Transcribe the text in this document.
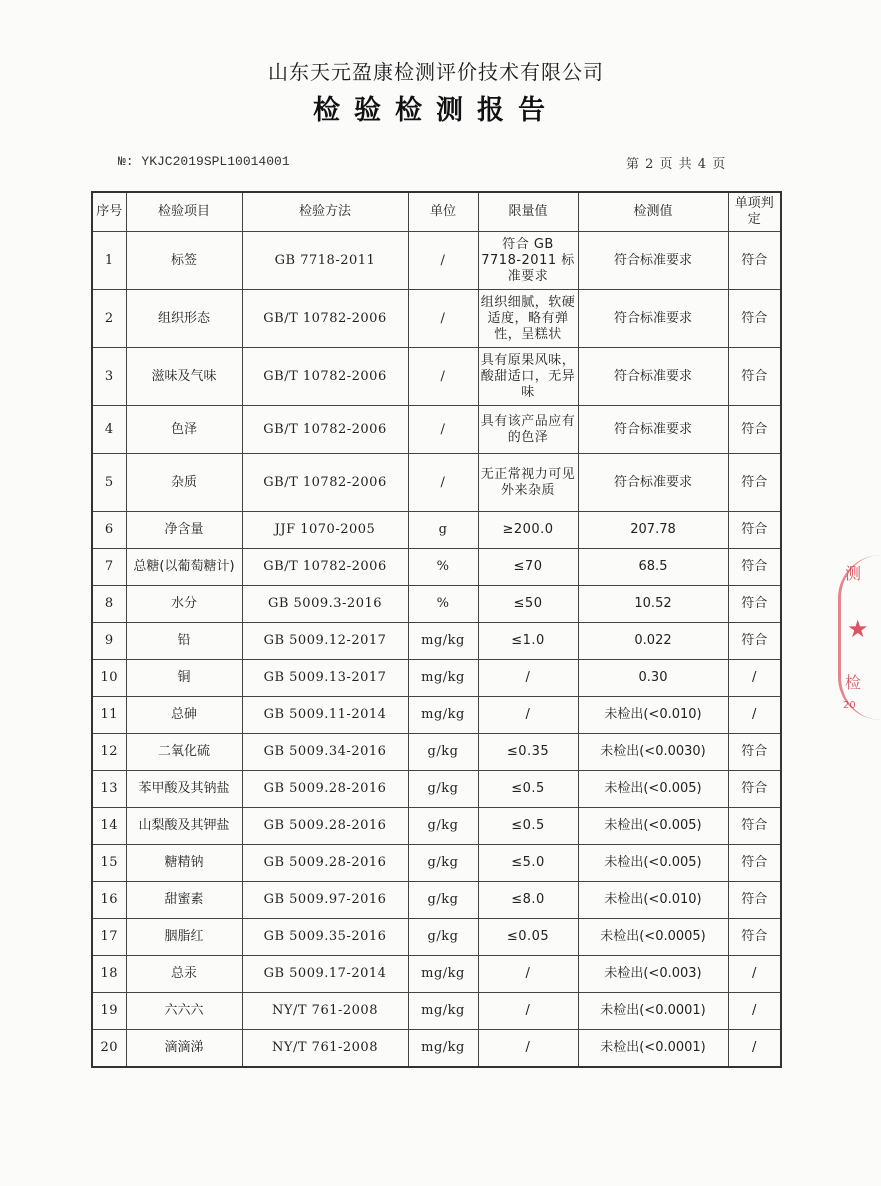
山东天元盈康检测评价技术有限公司
检验检测报告
№: YKJC2019SPL10014001	第 2 页 共 4 页
序号	检验项目	检验方法	单位	限量值	检测值	单项判定
1	标签	GB 7718-2011	/	符合 GB 7718-2011 标准要求	符合标准要求	符合
2	组织形态	GB/T 10782-2006	/	组织细腻，软硬适度，略有弹性，呈糕状	符合标准要求	符合
3	滋味及气味	GB/T 10782-2006	/	具有原果风味，酸甜适口，无异味	符合标准要求	符合
4	色泽	GB/T 10782-2006	/	具有该产品应有的色泽	符合标准要求	符合
5	杂质	GB/T 10782-2006	/	无正常视力可见外来杂质	符合标准要求	符合
6	净含量	JJF 1070-2005	g	≥200.0	207.78	符合
7	总糖(以葡萄糖计)	GB/T 10782-2006	%	≤70	68.5	符合
8	水分	GB 5009.3-2016	%	≤50	10.52	符合
9	铅	GB 5009.12-2017	mg/kg	≤1.0	0.022	符合
10	铜	GB 5009.13-2017	mg/kg	/	0.30	/
11	总砷	GB 5009.11-2014	mg/kg	/	未检出(<0.010)	/
12	二氧化硫	GB 5009.34-2016	g/kg	≤0.35	未检出(<0.0030)	符合
13	苯甲酸及其钠盐	GB 5009.28-2016	g/kg	≤0.5	未检出(<0.005)	符合
14	山梨酸及其钾盐	GB 5009.28-2016	g/kg	≤0.5	未检出(<0.005)	符合
15	糖精钠	GB 5009.28-2016	g/kg	≤5.0	未检出(<0.005)	符合
16	甜蜜素	GB 5009.97-2016	g/kg	≤8.0	未检出(<0.010)	符合
17	胭脂红	GB 5009.35-2016	g/kg	≤0.05	未检出(<0.0005)	符合
18	总汞	GB 5009.17-2014	mg/kg	/	未检出(<0.003)	/
19	六六六	NY/T 761-2008	mg/kg	/	未检出(<0.0001)	/
20	滴滴涕	NY/T 761-2008	mg/kg	/	未检出(<0.0001)	/
测
★
检
20
